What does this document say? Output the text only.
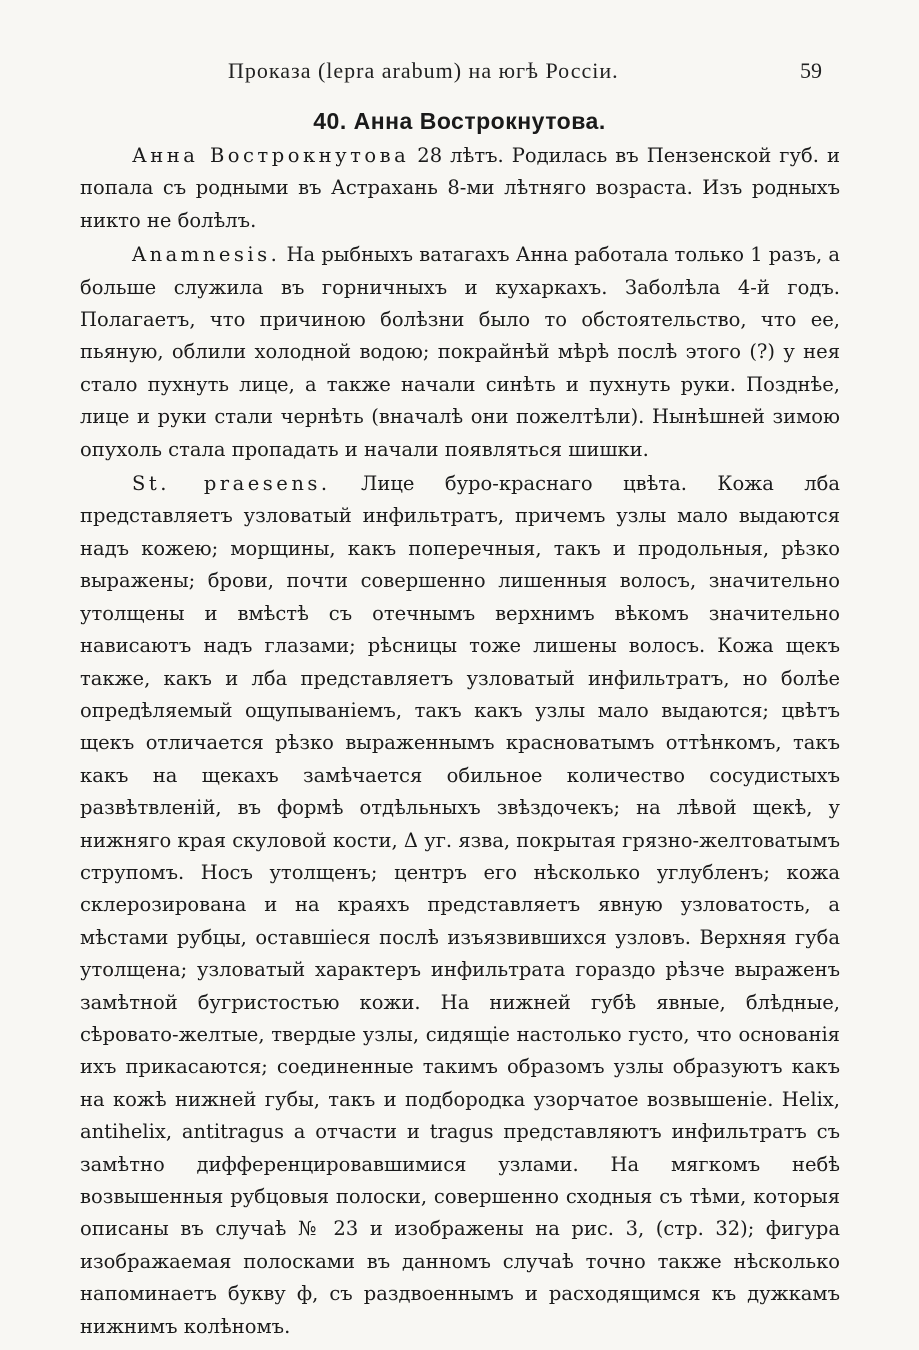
Проказа (lepra arabum) на югѣ Россіи.	59
40. Анна Вострокнутова.

Анна Вострокнутова 28 лѣтъ. Родилась въ Пензенской губ. и попала съ родными въ Астрахань 8-ми лѣтняго возраста. Изъ родныхъ никто не болѣлъ.

Anamnesis. На рыбныхъ ватагахъ Анна работала только 1 разъ, а больше служила въ горничныхъ и кухаркахъ. Заболѣла 4-й годъ. Полагаетъ, что причиною болѣзни было то обстоятельство, что ее, пьяную, облили холодной водою; покрайнѣй мѣрѣ послѣ этого (?) у нея стало пухнуть лице, а также начали синѣть и пухнуть руки. Позднѣе, лице и руки стали чернѣть (вначалѣ они пожелтѣли). Нынѣшней зимою опухоль стала пропадать и начали появляться шишки.

St. praesens. Лице буро-краснаго цвѣта. Кожа лба представляетъ узловатый инфильтратъ, причемъ узлы мало выдаются надъ кожею; морщины, какъ поперечныя, такъ и продольныя, рѣзко выражены; брови, почти совершенно лишенныя волосъ, значительно утолщены и вмѣстѣ съ отечнымъ верхнимъ вѣкомъ значительно нависаютъ надъ глазами; рѣсницы тоже лишены волосъ. Кожа щекъ также, какъ и лба представляетъ узловатый инфильтратъ, но болѣе опредѣляемый ощупываніемъ, такъ какъ узлы мало выдаются; цвѣтъ щекъ отличается рѣзко выраженнымъ красноватымъ оттѣнкомъ, такъ какъ на щекахъ замѣчается обильное количество сосудистыхъ развѣтвленій, въ формѣ отдѣльныхъ звѣздочекъ; на лѣвой щекѣ, у нижняго края скуловой кости, Δ уг. язва, покрытая грязно-желтоватымъ струпомъ. Носъ утолщенъ; центръ его нѣсколько углубленъ; кожа склерозирована и на краяхъ представляетъ явную узловатость, а мѣстами рубцы, оставшіеся послѣ изъязвившихся узловъ. Верхняя губа утолщена; узловатый характеръ инфильтрата гораздо рѣзче выраженъ замѣтной бугристостью кожи. На нижней губѣ явные, блѣдные, сѣровато-желтые, твердые узлы, сидящіе настолько густо, что основанія ихъ прикасаются; соединенные такимъ образомъ узлы образуютъ какъ на кожѣ нижней губы, такъ и подбородка узорчатое возвышеніе. Helix, antihelix, antitragus а отчасти и tragus представляютъ инфильтратъ съ замѣтно дифференцировавшимися узлами. На мягкомъ небѣ возвышенныя рубцовыя полоски, совершенно сходныя съ тѣми, которыя описаны въ случаѣ № 23 и изображены на рис. 3, (стр. 32); фигура изображаемая полосками въ данномъ случаѣ точно также нѣсколько напоминаетъ букву ф, съ раздвоеннымъ и расходящимся къ дужкамъ нижнимъ колѣномъ.
